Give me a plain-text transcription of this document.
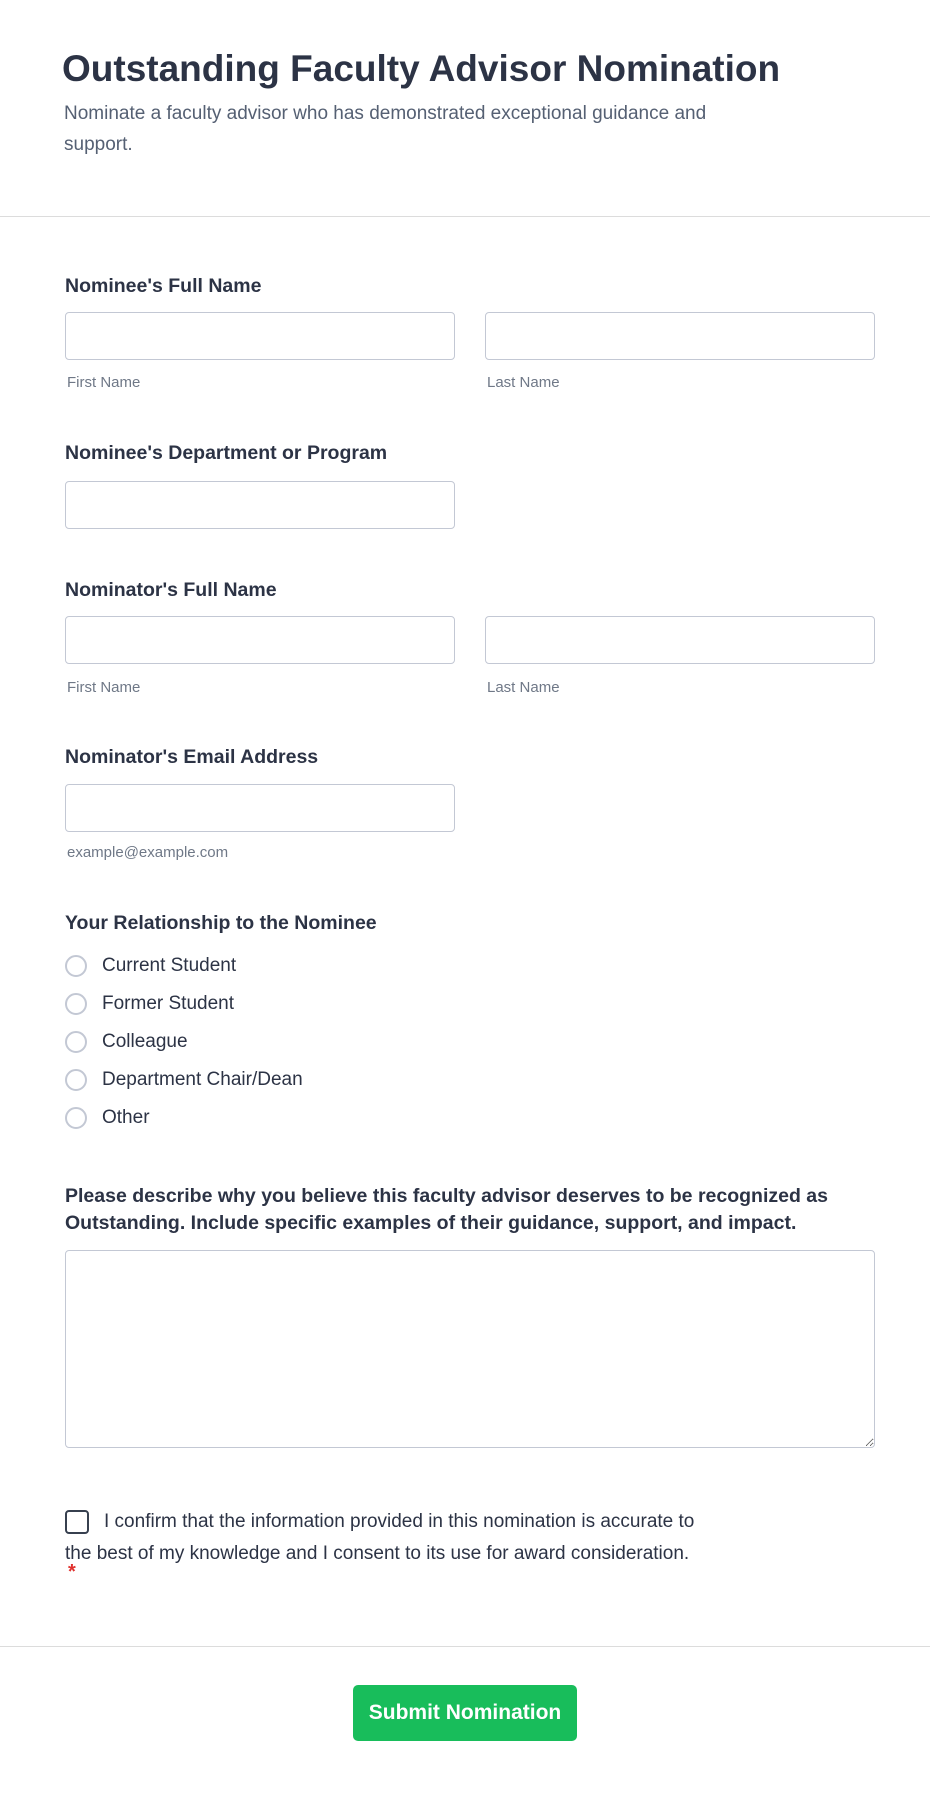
Outstanding Faculty Advisor Nomination
Nominate a faculty advisor who has demonstrated exceptional guidance and
support.
Nominee's Full Name
First Name	Last Name
Nominee's Department or Program
Nominator's Full Name
First Name	Last Name
Nominator's Email Address
example@example.com
Your Relationship to the Nominee
Current Student
Former Student
Colleague
Department Chair/Dean
Other
Please describe why you believe this faculty advisor deserves to be recognized as
Outstanding. Include specific examples of their guidance, support, and impact.
I confirm that the information provided in this nomination is accurate to
the best of my knowledge and I consent to its use for award consideration.
*
Submit Nomination
